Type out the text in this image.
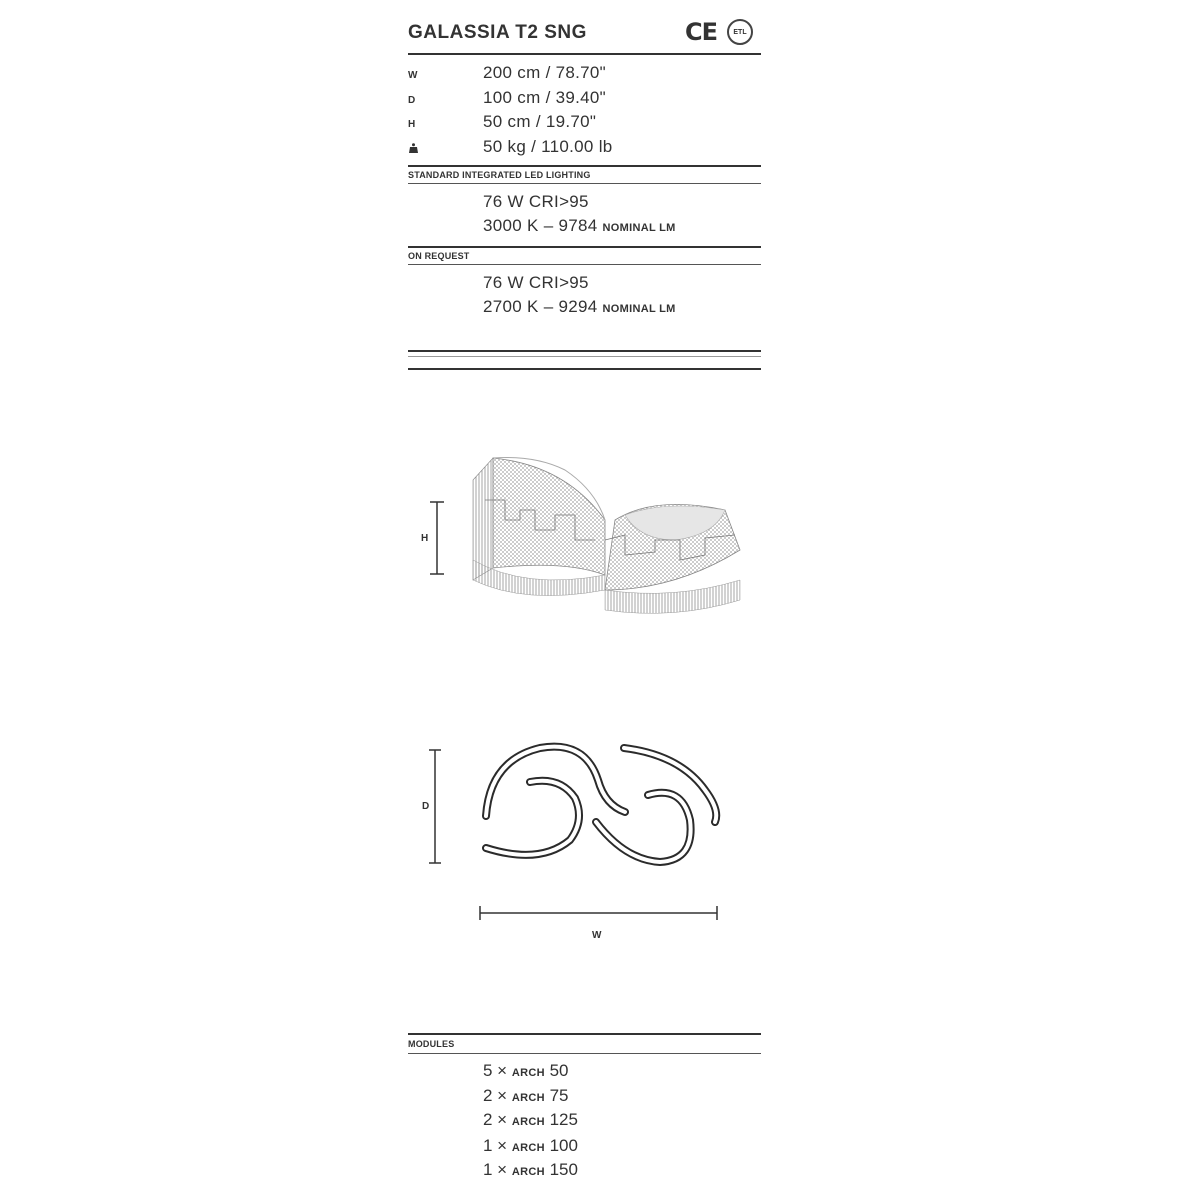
GALASSIA T2 SNG	CE	ETL
W	200 cm / 78.70"
D	100 cm / 39.40"
H	50 cm / 19.70"
50 kg / 110.00 lb
STANDARD INTEGRATED LED LIGHTING
76 W CRI>95
3000 K – 9784 NOMINAL LM
ON REQUEST
76 W CRI>95
2700 K – 9294 NOMINAL LM
H
D
W
MODULES
5 × ARCH 50
2 × ARCH 75
2 × ARCH 125
1 × ARCH 100
1 × ARCH 150
